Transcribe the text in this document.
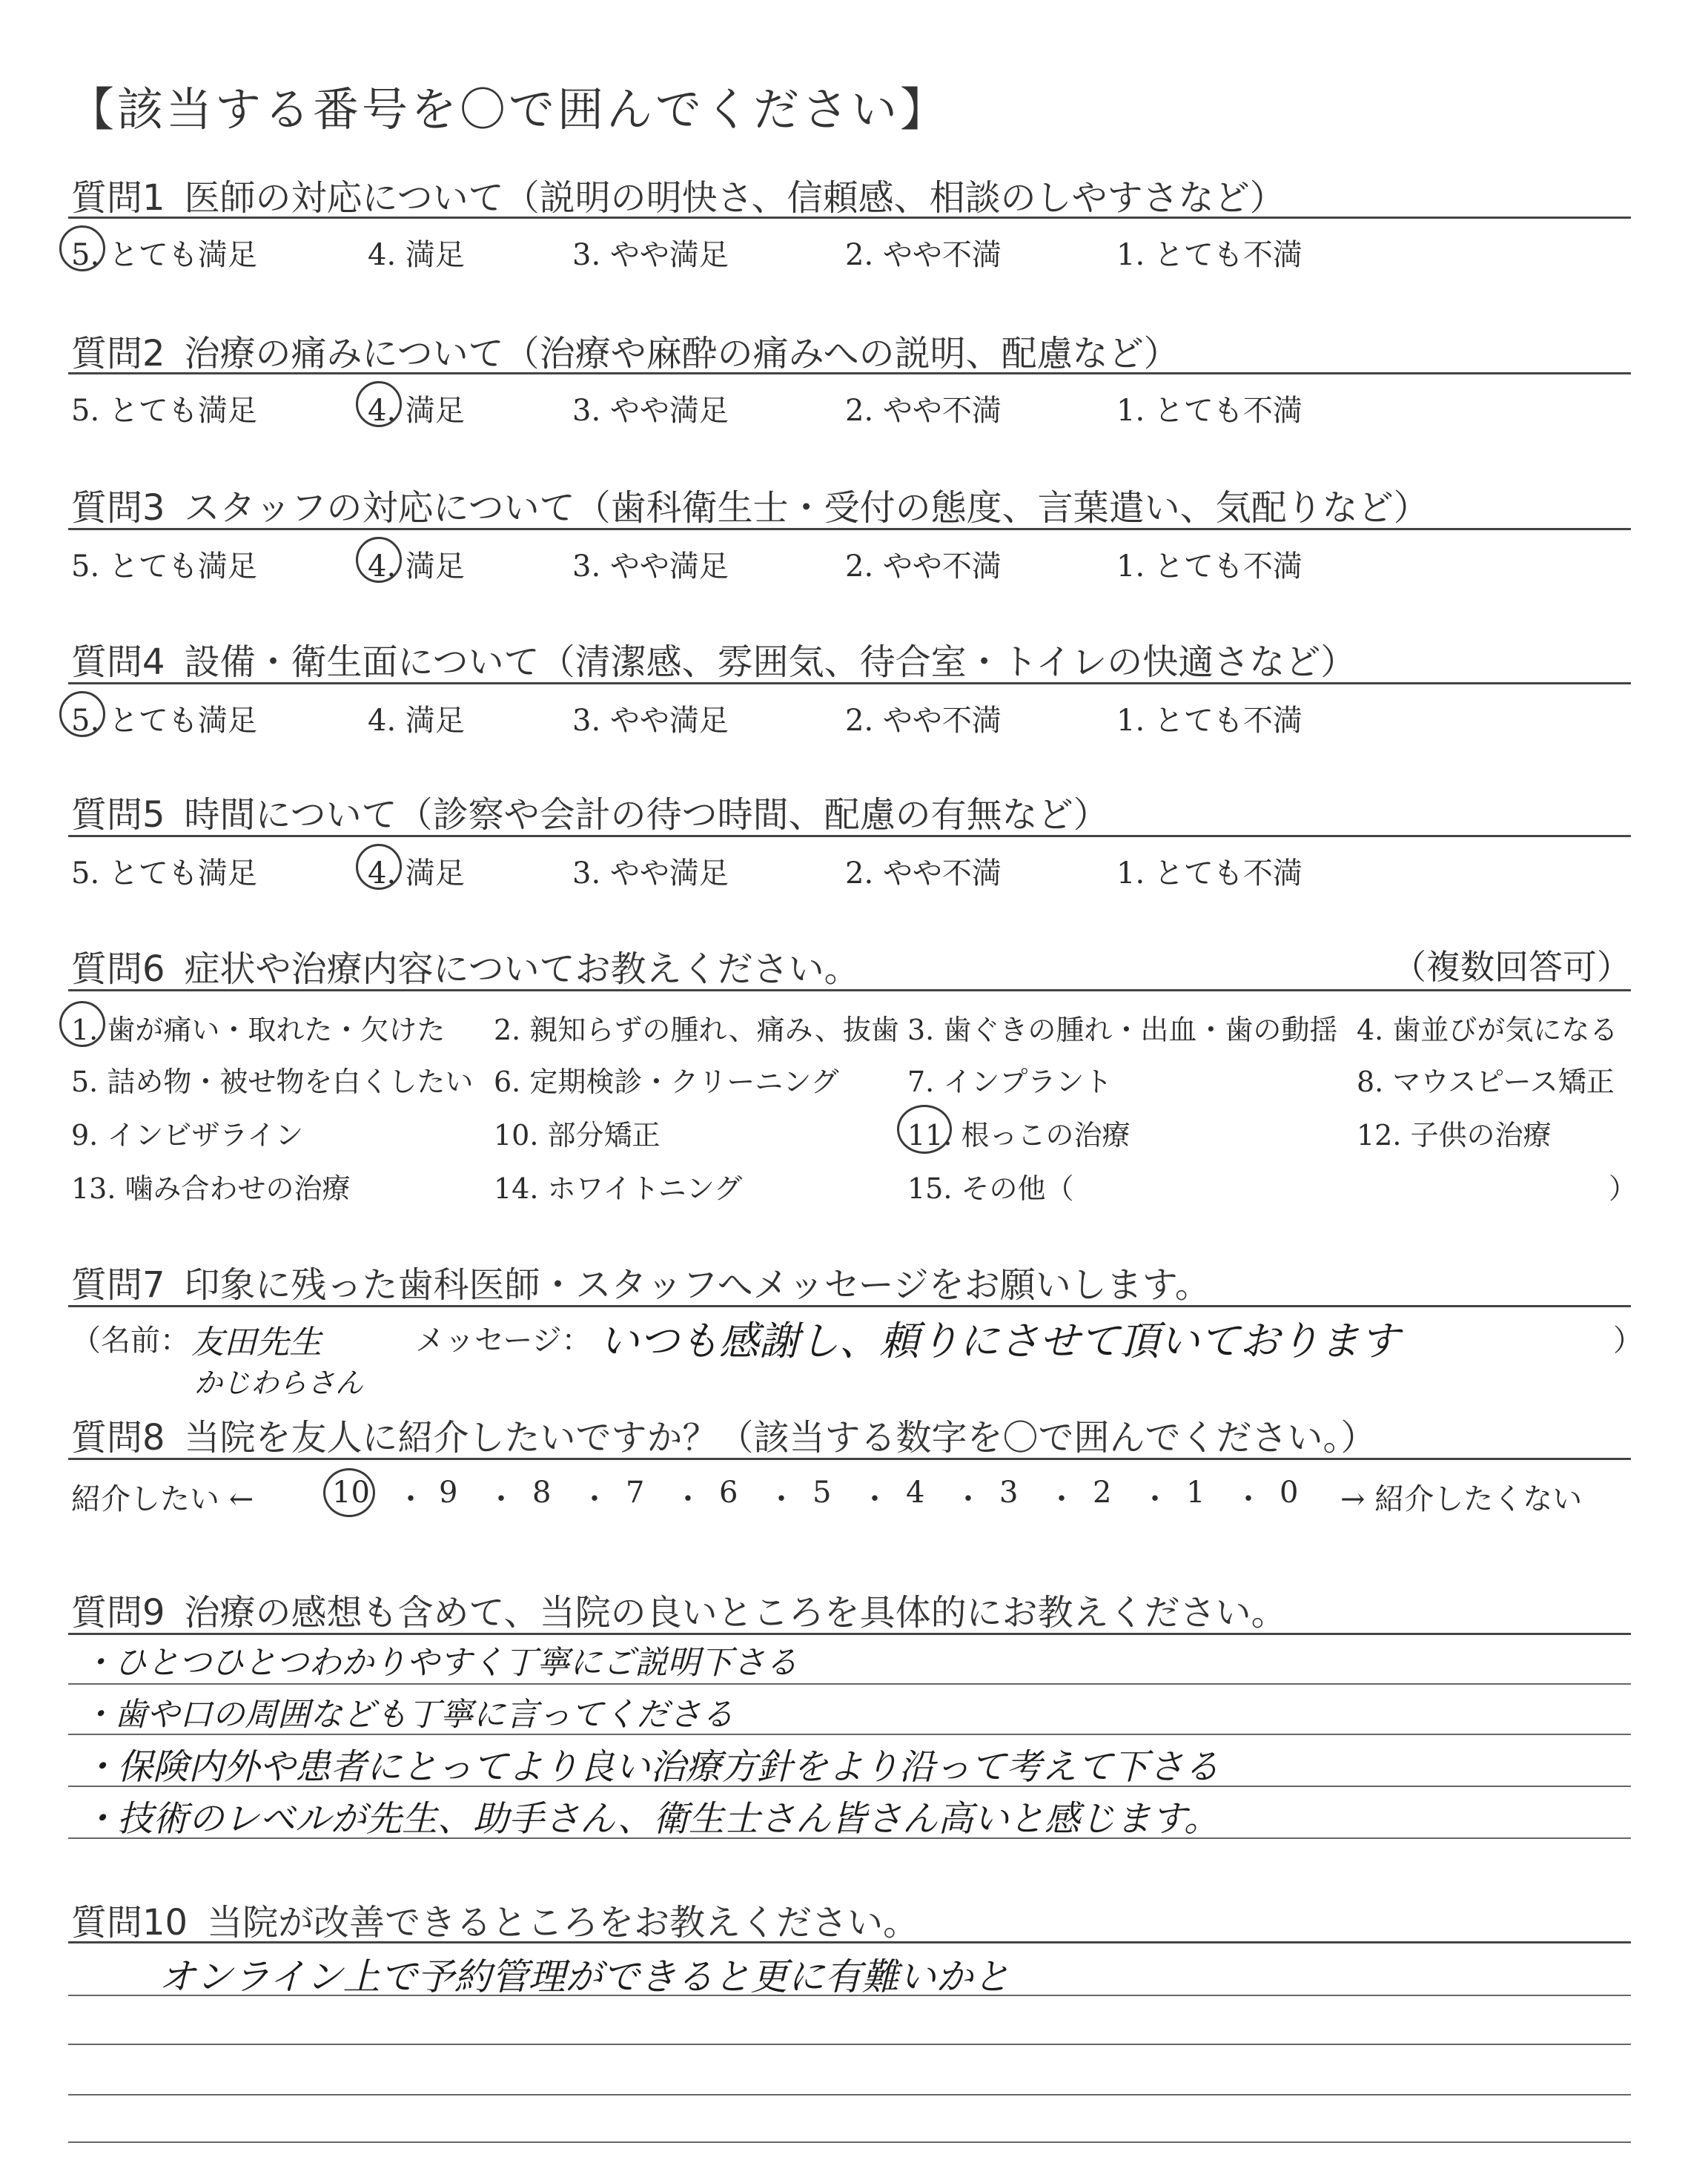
【該当する番号を〇で囲んでください】
質問1 医師の対応について（説明の明快さ、信頼感、相談のしやすさなど）
5. とても満足	4. 満足	3. やや満足	2. やや不満	1. とても不満
質問2 治療の痛みについて（治療や麻酔の痛みへの説明、配慮など）
5. とても満足	4. 満足	3. やや満足	2. やや不満	1. とても不満
質問3 スタッフの対応について（歯科衛生士・受付の態度、言葉遣い、気配りなど）
5. とても満足	4. 満足	3. やや満足	2. やや不満	1. とても不満
質問4 設備・衛生面について（清潔感、雰囲気、待合室・トイレの快適さなど）
5. とても満足	4. 満足	3. やや満足	2. やや不満	1. とても不満
質問5 時間について（診察や会計の待つ時間、配慮の有無など）
5. とても満足	4. 満足	3. やや満足	2. やや不満	1. とても不満
質問6 症状や治療内容についてお教えください。	（複数回答可）
1. 歯が痛い・取れた・欠けた 2. 親知らずの腫れ、痛み、抜歯 3. 歯ぐきの腫れ・出血・歯の動揺 4. 歯並びが気になる
5. 詰め物・被せ物を白くしたい 6. 定期検診・クリーニング 7. インプラント	8. マウスピース矯正
9. インビザライン	10. 部分矯正	11. 根っこの治療	12. 子供の治療
13. 噛み合わせの治療	14. ホワイトニング	15. その他（	）
質問7 印象に残った歯科医師・スタッフへメッセージをお願いします。
（名前： 友田先生
かじわらさん
メッセージ： いつも感謝し、頼りにさせて頂いております	）
質問8 当院を友人に紹介したいですか？（該当する数字を〇で囲んでください。）
紹介したい ←	10 ・ 9 ・ 8 ・ 7 ・ 6 ・ 5 ・ 4 ・ 3 ・ 2 ・ 1 ・ 0 → 紹介したくない
質問9 治療の感想も含めて、当院の良いところを具体的にお教えください。
・ひとつひとつわかりやすく丁寧にご説明下さる
・歯や口の周囲なども丁寧に言ってくださる
・保険内外や患者にとってより良い治療方針をより沿って考えて下さる
・技術のレベルが先生、助手さん、衛生士さん皆さん高いと感じます。
質問10 当院が改善できるところをお教えください。
オンライン上で予約管理ができると更に有難いかと
